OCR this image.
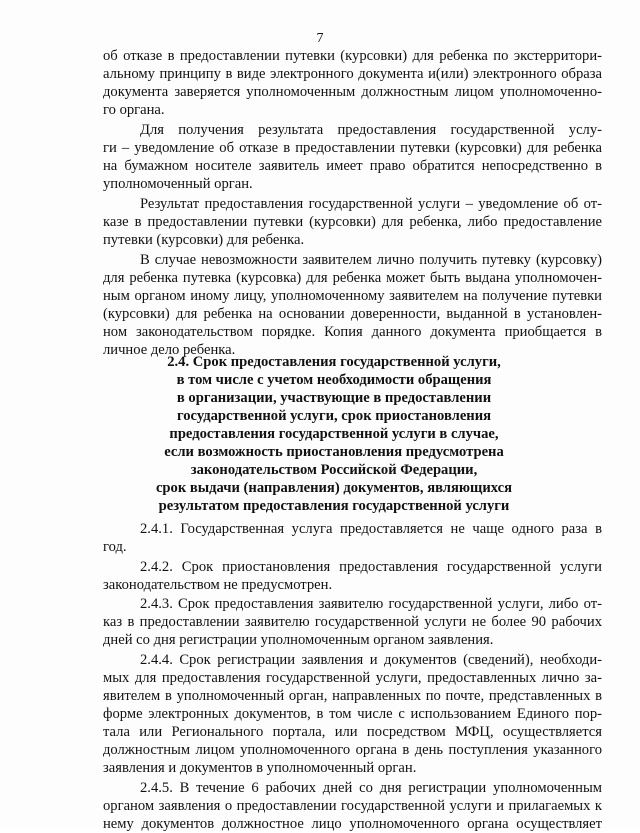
7
об отказе в предоставлении путевки (курсовки) для ребенка по экстерритори-
альному принципу в виде электронного документа и(или) электронного образа
документа заверяется уполномоченным должностным лицом уполномоченно-
го органа.
Для получения результата предоставления государственной услу-
ги – уведомление об отказе в предоставлении путевки (курсовки) для ребенка
на бумажном носителе заявитель имеет право обратится непосредственно в
уполномоченный орган.
Результат предоставления государственной услуги – уведомление об от-
казе в предоставлении путевки (курсовки) для ребенка, либо предоставление
путевки (курсовки) для ребенка.
В случае невозможности заявителем лично получить путевку (курсовку)
для ребенка путевка (курсовка) для ребенка может быть выдана уполномочен-
ным органом иному лицу, уполномоченному заявителем на получение путевки
(курсовки) для ребенка на основании доверенности, выданной в установлен-
ном законодательством порядке. Копия данного документа приобщается в
личное дело ребенка.
2.4. Срок предоставления государственной услуги,
в том числе с учетом необходимости обращения
в организации, участвующие в предоставлении
государственной услуги, срок приостановления
предоставления государственной услуги в случае,
если возможность приостановления предусмотрена
законодательством Российской Федерации,
срок выдачи (направления) документов, являющихся
результатом предоставления государственной услуги
2.4.1. Государственная услуга предоставляется не чаще одного раза в
год.
2.4.2. Срок приостановления предоставления государственной услуги
законодательством не предусмотрен.
2.4.3. Срок предоставления заявителю государственной услуги, либо от-
каз в предоставлении заявителю государственной услуги не более 90 рабочих
дней со дня регистрации уполномоченным органом заявления.
2.4.4. Срок регистрации заявления и документов (сведений), необходи-
мых для предоставления государственной услуги, предоставленных лично за-
явителем в уполномоченный орган, направленных по почте, представленных в
форме электронных документов, в том числе с использованием Единого пор-
тала или Регионального портала, или посредством МФЦ, осуществляется
должностным лицом уполномоченного органа в день поступления указанного
заявления и документов в уполномоченный орган.
2.4.5. В течение 6 рабочих дней со дня регистрации уполномоченным
органом заявления о предоставлении государственной услуги и прилагаемых к
нему документов должностное лицо уполномоченного органа осуществляет
